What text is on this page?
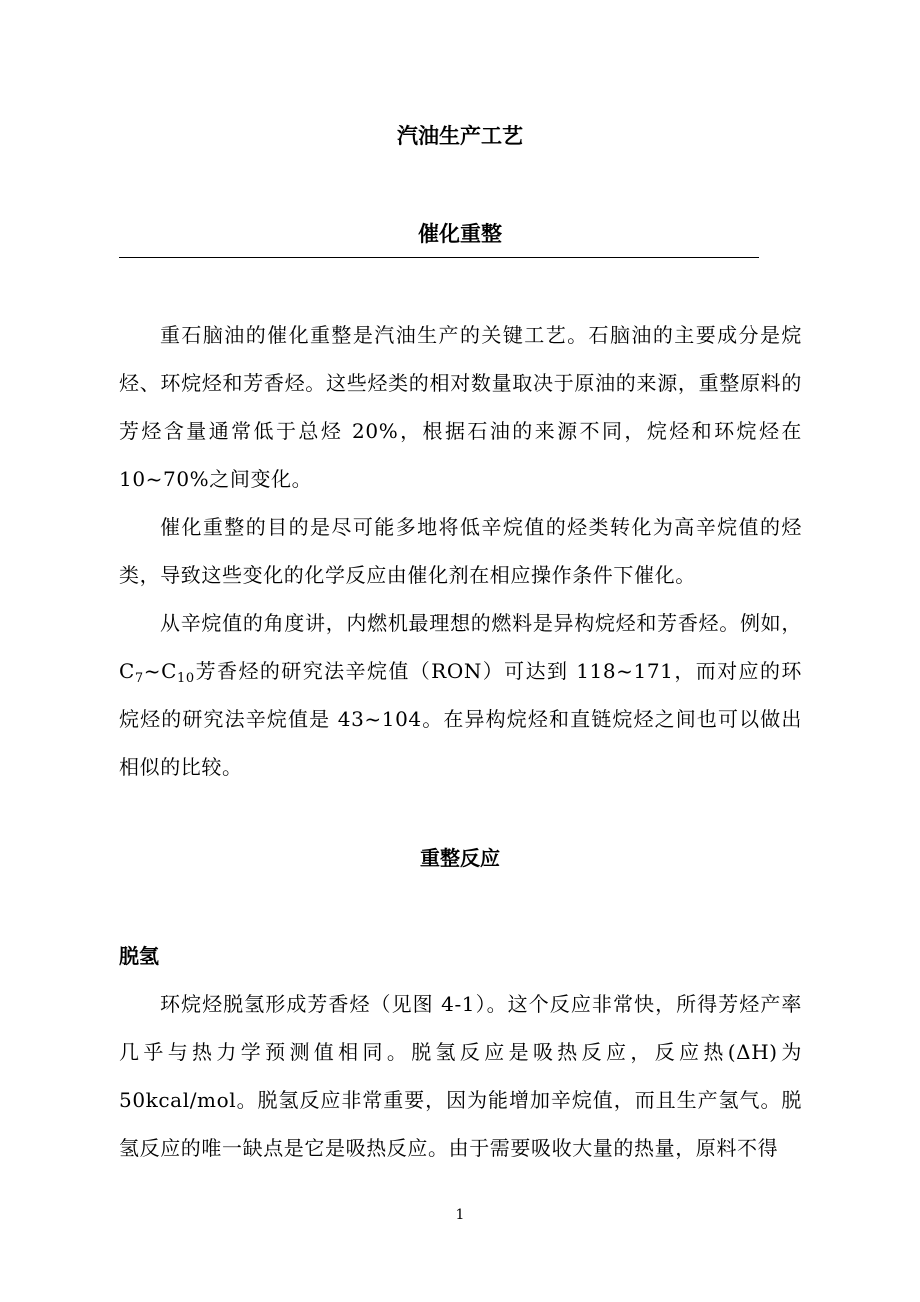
汽油生产工艺
催化重整

重石脑油的催化重整是汽油生产的关键工艺。石脑油的主要成分是烷烃、环烷烃和芳香烃。这些烃类的相对数量取决于原油的来源，重整原料的芳烃含量通常低于总烃 20%，根据石油的来源不同，烷烃和环烷烃在 10~70%之间变化。

催化重整的目的是尽可能多地将低辛烷值的烃类转化为高辛烷值的烃类，导致这些变化的化学反应由催化剂在相应操作条件下催化。

从辛烷值的角度讲，内燃机最理想的燃料是异构烷烃和芳香烃。例如，$C_7\sim C_{10}$芳香烃的研究法辛烷值（RON）可达到 118~171，而对应的环烷烃的研究法辛烷值是 43~104。在异构烷烃和直链烷烃之间也可以做出相似的比较。

重整反应
脱氢

环烷烃脱氢形成芳香烃（见图 4-1）。这个反应非常快，所得芳烃产率几乎与热力学预测值相同。脱氢反应是吸热反应，反应热(ΔH)为 50kcal/mol。脱氢反应非常重要，因为能增加辛烷值，而且生产氢气。脱氢反应的唯一缺点是它是吸热反应。由于需要吸收大量的热量，原料不得

1
